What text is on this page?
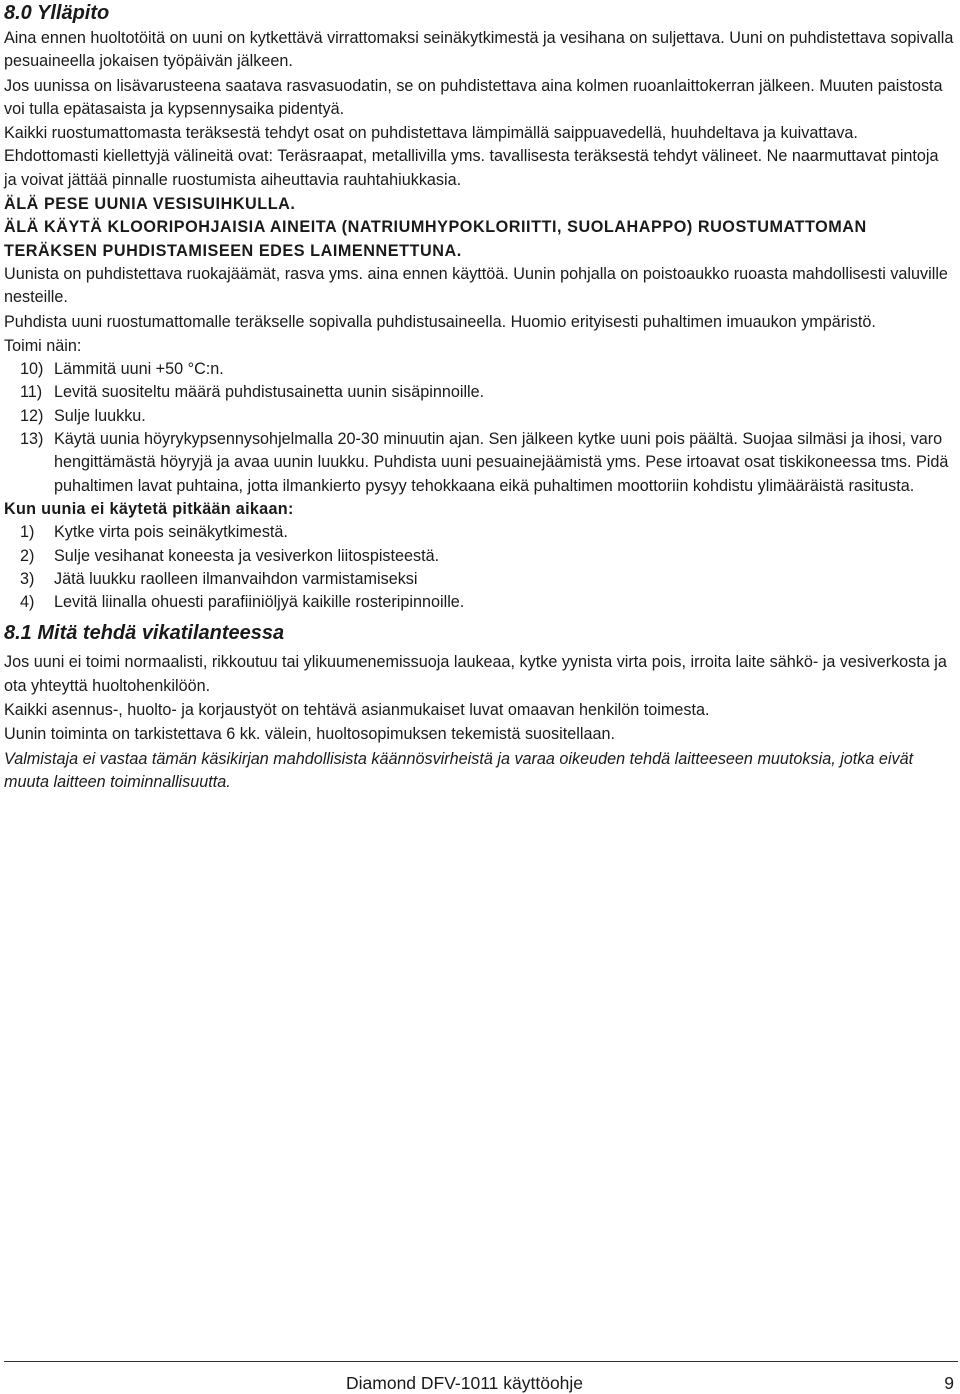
8.0 Ylläpito

Aina ennen huoltotöitä on uuni on kytkettävä virrattomaksi seinäkytkimestä ja vesihana on suljettava. Uuni on puhdistettava sopivalla pesuaineella jokaisen työpäivän jälkeen.

Jos uunissa on lisävarusteena saatava rasvasuodatin, se on puhdistettava aina kolmen ruoanlaittokerran jälkeen. Muuten paistosta voi tulla epätasaista ja kypsennysaika pidentyä.

Kaikki ruostumattomasta teräksestä tehdyt osat on puhdistettava lämpimällä saippuavedellä, huuhdeltava ja kuivattava. Ehdottomasti kiellettyjä välineitä ovat: Teräsraapat, metallivilla yms. tavallisesta teräksestä tehdyt välineet. Ne naarmuttavat pintoja ja voivat jättää pinnalle ruostumista aiheuttavia rauhtahiukkasia.

ÄLÄ PESE UUNIA VESISUIHKULLA.

ÄLÄ KÄYTÄ KLOORIPOHJAISIA AINEITA (NATRIUMHYPOKLORIITTI, SUOLAHAPPO) RUOSTUMATTOMAN TERÄKSEN PUHDISTAMISEEN EDES LAIMENNETTUNA.

Uunista on puhdistettava ruokajäämät, rasva yms. aina ennen käyttöä. Uunin pohjalla on poistoaukko ruoasta mahdollisesti valuville nesteille.

Puhdista uuni ruostumattomalle teräkselle sopivalla puhdistusaineella. Huomio erityisesti puhaltimen imuaukon ympäristö.

Toimi näin:

10) Lämmitä uuni +50 °C:n.
11) Levitä suositeltu määrä puhdistusainetta uunin sisäpinnoille.
12) Sulje luukku.
13) Käytä uunia höyrykypsennysohjelmalla 20-30 minuutin ajan. Sen jälkeen kytke uuni pois päältä. Suojaa silmäsi ja ihosi, varo hengittämästä höyryjä ja avaa uunin luukku. Puhdista uuni pesuainejäämistä yms. Pese irtoavat osat tiskikoneessa tms. Pidä puhaltimen lavat puhtaina, jotta ilmankierto pysyy tehokkaana eikä puhaltimen moottoriin kohdistu ylimääräistä rasitusta.

Kun uunia ei käytetä pitkään aikaan:

1)	Kytke virta pois seinäkytkimestä.
2)	Sulje vesihanat koneesta ja vesiverkon liitospisteestä.
3)	Jätä luukku raolleen ilmanvaihdon varmistamiseksi
4)	Levitä liinalla ohuesti parafiiniöljyä kaikille rosteripinnoille.
8.1 Mitä tehdä vikatilanteessa

Jos uuni ei toimi normaalisti, rikkoutuu tai ylikuumenemissuoja laukeaa, kytke yynista virta pois, irroita laite sähkö- ja vesiverkosta ja ota yhteyttä huoltohenkilöön.

Kaikki asennus-, huolto- ja korjaustyöt on tehtävä asianmukaiset luvat omaavan henkilön toimesta.

Uunin toiminta on tarkistettava 6 kk. välein, huoltosopimuksen tekemistä suositellaan.

Valmistaja ei vastaa tämän käsikirjan mahdollisista käännösvirheistä ja varaa oikeuden tehdä laitteeseen muutoksia, jotka eivät muuta laitteen toiminnallisuutta.

Diamond DFV-1011 käyttöohje	9
